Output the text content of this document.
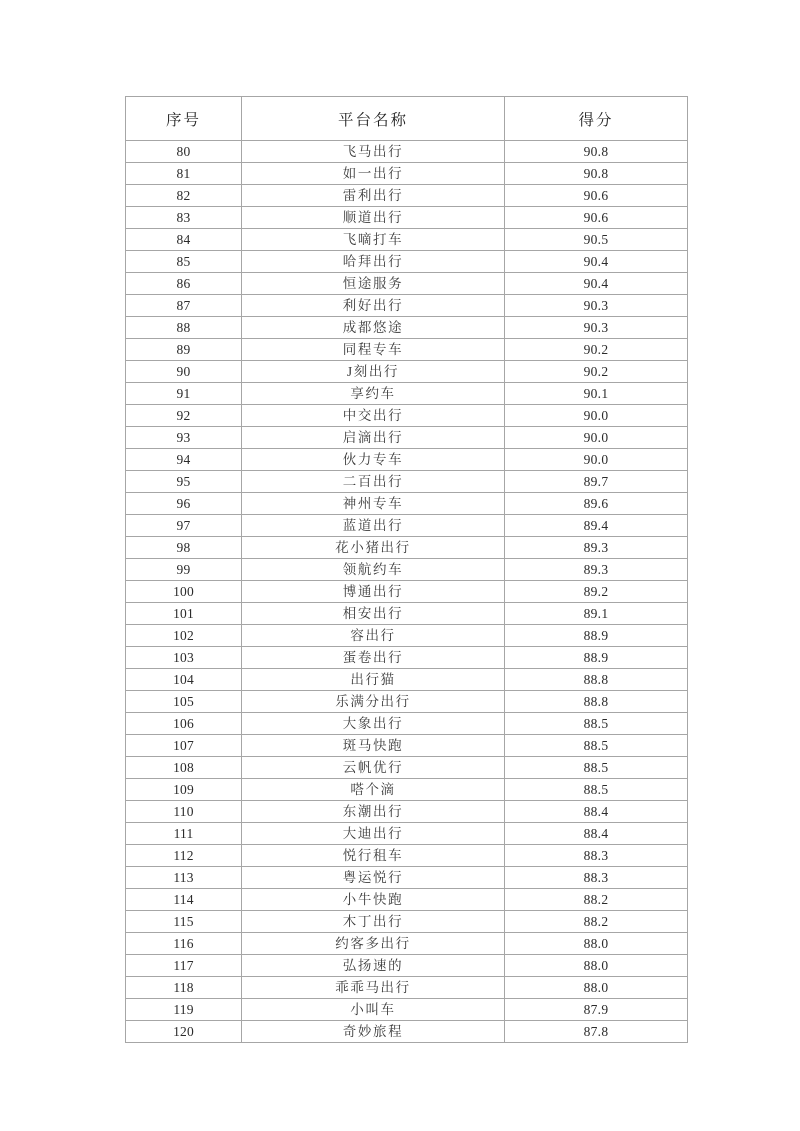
序号	平台名称	得分
80	飞马出行	90.8
81	如一出行	90.8
82	雷利出行	90.6
83	顺道出行	90.6
84	飞嘀打车	90.5
85	哈拜出行	90.4
86	恒途服务	90.4
87	利好出行	90.3
88	成都悠途	90.3
89	同程专车	90.2
90	J刻出行	90.2
91	享约车	90.1
92	中交出行	90.0
93	启滴出行	90.0
94	伙力专车	90.0
95	二百出行	89.7
96	神州专车	89.6
97	蓝道出行	89.4
98	花小猪出行	89.3
99	领航约车	89.3
100	博通出行	89.2
101	相安出行	89.1
102	容出行	88.9
103	蛋卷出行	88.9
104	出行猫	88.8
105	乐满分出行	88.8
106	大象出行	88.5
107	斑马快跑	88.5
108	云帆优行	88.5
109	嗒个滴	88.5
110	东潮出行	88.4
111	大迪出行	88.4
112	悦行租车	88.3
113	粤运悦行	88.3
114	小牛快跑	88.2
115	木丁出行	88.2
116	约客多出行	88.0
117	弘扬速的	88.0
118	乖乖马出行	88.0
119	小叫车	87.9
120	奇妙旅程	87.8
